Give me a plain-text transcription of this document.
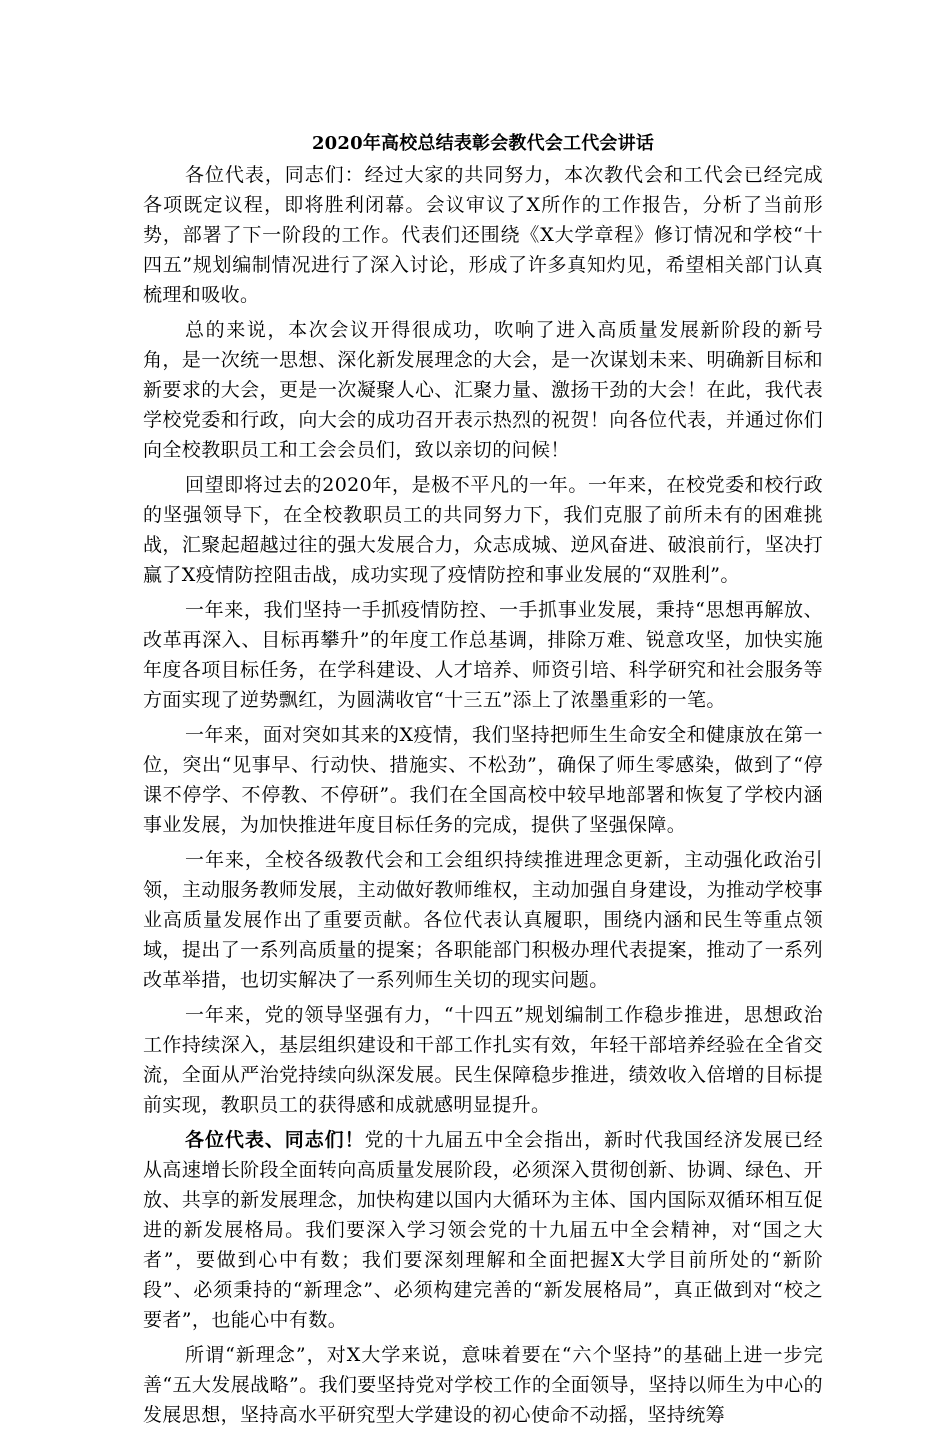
2020年高校总结表彰会教代会工代会讲话

各位代表，同志们：经过大家的共同努力，本次教代会和工代会已经完成各项既定议程，即将胜利闭幕。会议审议了X所作的工作报告，分析了当前形势，部署了下一阶段的工作。代表们还围绕《X大学章程》修订情况和学校“十四五”规划编制情况进行了深入讨论，形成了许多真知灼见，希望相关部门认真梳理和吸收。

总的来说，本次会议开得很成功，吹响了进入高质量发展新阶段的新号角，是一次统一思想、深化新发展理念的大会，是一次谋划未来、明确新目标和新要求的大会，更是一次凝聚人心、汇聚力量、激扬干劲的大会！在此，我代表学校党委和行政，向大会的成功召开表示热烈的祝贺！向各位代表，并通过你们向全校教职员工和工会会员们，致以亲切的问候！

回望即将过去的2020年，是极不平凡的一年。一年来，在校党委和校行政的坚强领导下，在全校教职员工的共同努力下，我们克服了前所未有的困难挑战，汇聚起超越过往的强大发展合力，众志成城、逆风奋进、破浪前行，坚决打赢了X疫情防控阻击战，成功实现了疫情防控和事业发展的“双胜利”。

一年来，我们坚持一手抓疫情防控、一手抓事业发展，秉持“思想再解放、改革再深入、目标再攀升”的年度工作总基调，排除万难、锐意攻坚，加快实施年度各项目标任务，在学科建设、人才培养、师资引培、科学研究和社会服务等方面实现了逆势飘红，为圆满收官“十三五”添上了浓墨重彩的一笔。

一年来，面对突如其来的X疫情，我们坚持把师生生命安全和健康放在第一位，突出“见事早、行动快、措施实、不松劲”，确保了师生零感染，做到了“停课不停学、不停教、不停研”。我们在全国高校中较早地部署和恢复了学校内涵事业发展，为加快推进年度目标任务的完成，提供了坚强保障。

一年来，全校各级教代会和工会组织持续推进理念更新，主动强化政治引领，主动服务教师发展，主动做好教师维权，主动加强自身建设，为推动学校事业高质量发展作出了重要贡献。各位代表认真履职，围绕内涵和民生等重点领域，提出了一系列高质量的提案；各职能部门积极办理代表提案，推动了一系列改革举措，也切实解决了一系列师生关切的现实问题。

一年来，党的领导坚强有力，“十四五”规划编制工作稳步推进，思想政治工作持续深入，基层组织建设和干部工作扎实有效，年轻干部培养经验在全省交流，全面从严治党持续向纵深发展。民生保障稳步推进，绩效收入倍增的目标提前实现，教职员工的获得感和成就感明显提升。

各位代表、同志们！党的十九届五中全会指出，新时代我国经济发展已经从高速增长阶段全面转向高质量发展阶段，必须深入贯彻创新、协调、绿色、开放、共享的新发展理念，加快构建以国内大循环为主体、国内国际双循环相互促进的新发展格局。我们要深入学习领会党的十九届五中全会精神，对“国之大者”，要做到心中有数；我们要深刻理解和全面把握X大学目前所处的“新阶段”、必须秉持的“新理念”、必须构建完善的“新发展格局”，真正做到对“校之要者”，也能心中有数。

所谓“新理念”，对X大学来说，意味着要在“六个坚持”的基础上进一步完善“五大发展战略”。我们要坚持党对学校工作的全面领导，坚持以师生为中心的发展思想，坚持高水平研究型大学建设的初心使命不动摇，坚持统筹
